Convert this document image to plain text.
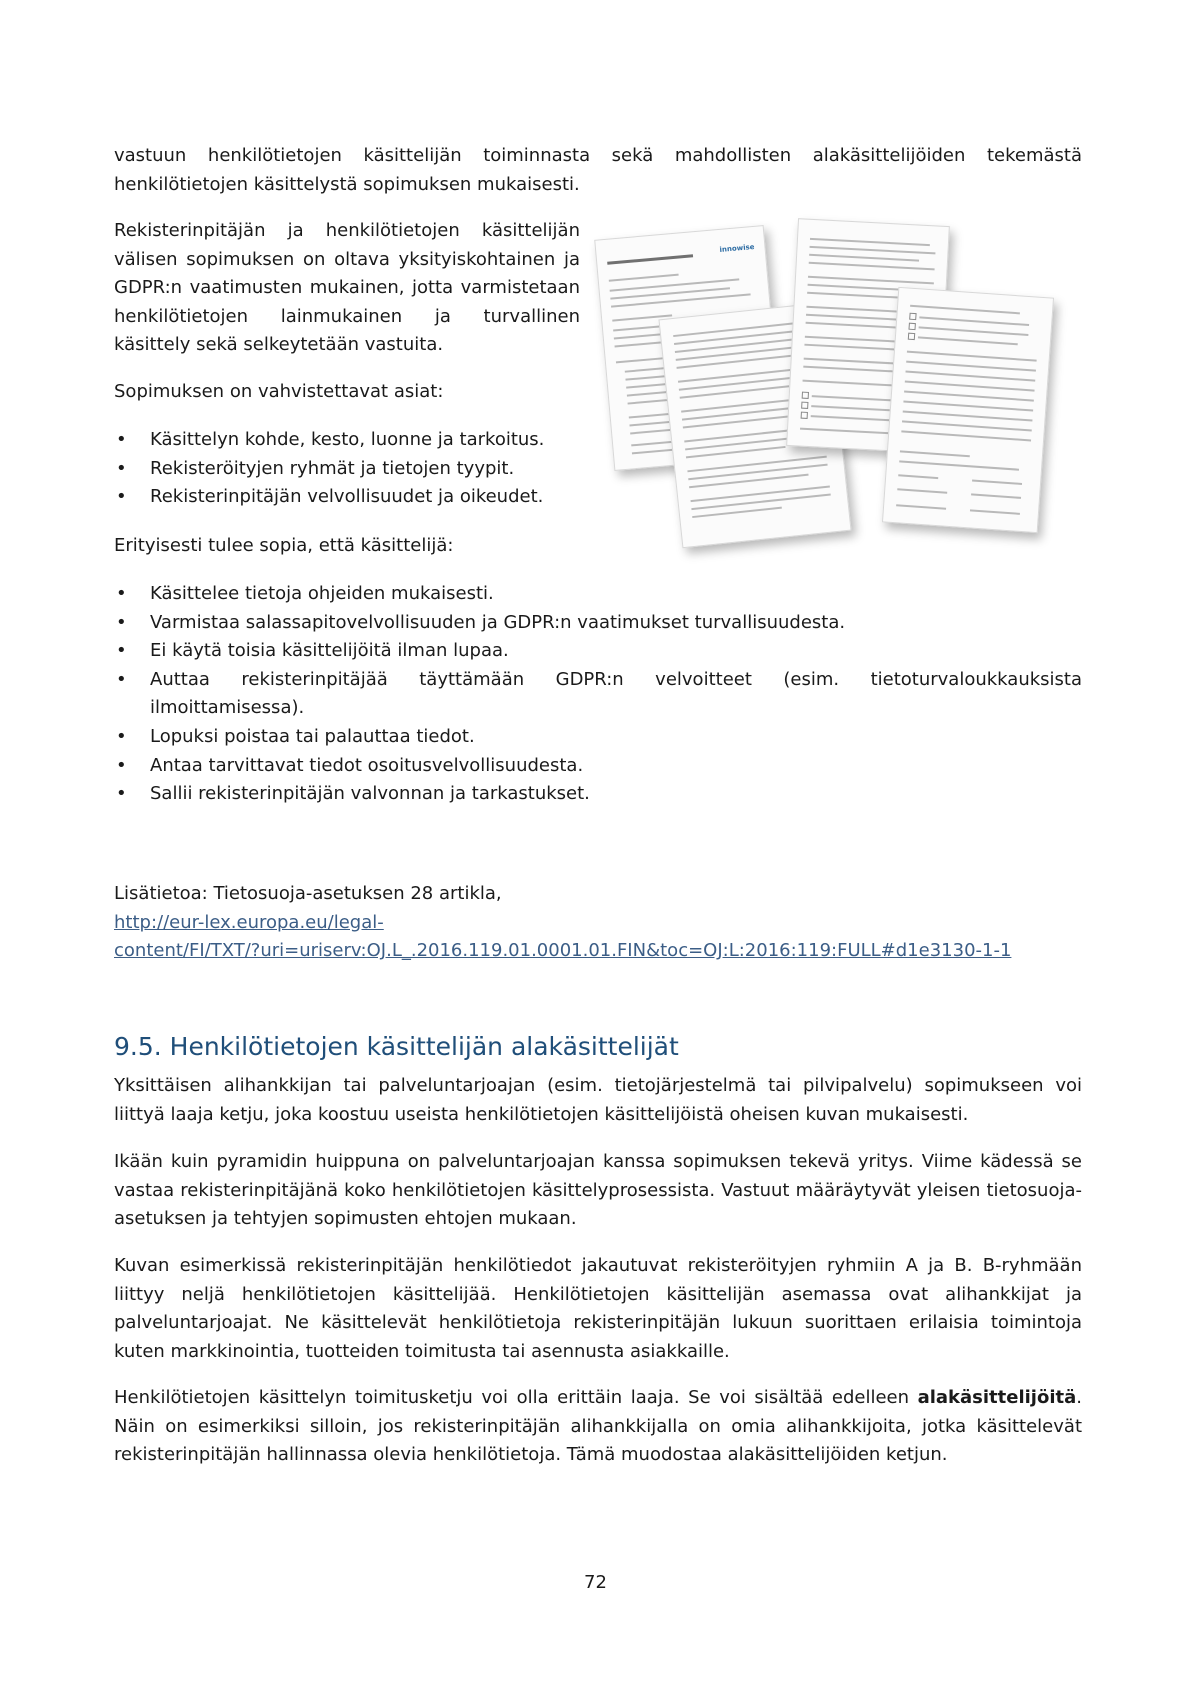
vastuun henkilötietojen käsittelijän toiminnasta sekä mahdollisten alakäsittelijöiden tekemästä henkilötietojen käsittelystä sopimuksen mukaisesti.

Rekisterinpitäjän ja henkilötietojen käsittelijän välisen sopimuksen on oltava yksityiskohtainen ja GDPR:n vaatimusten mukainen, jotta varmistetaan henkilötietojen lainmukainen ja turvallinen käsittely sekä selkeytetään vastuita.

Sopimuksen on vahvistettavat asiat:

• Käsittelyn kohde, kesto, luonne ja tarkoitus.
• Rekisteröityjen ryhmät ja tietojen tyypit.
• Rekisterinpitäjän velvollisuudet ja oikeudet.

Erityisesti tulee sopia, että käsittelijä:

innowise
• Käsittelee tietoja ohjeiden mukaisesti.
• Varmistaa salassapitovelvollisuuden ja GDPR:n vaatimukset turvallisuudesta.
• Ei käytä toisia käsittelijöitä ilman lupaa.
• Auttaa rekisterinpitäjää täyttämään GDPR:n velvoitteet (esim. tietoturvaloukkauksista ilmoittamisessa).
• Lopuksi poistaa tai palauttaa tiedot.
• Antaa tarvittavat tiedot osoitusvelvollisuudesta.
• Sallii rekisterinpitäjän valvonnan ja tarkastukset.
Lisätietoa: Tietosuoja-asetuksen 28 artikla,
http://eur-lex.europa.eu/legal-
content/FI/TXT/?uri=uriserv:OJ.L_.2016.119.01.0001.01.FIN&toc=OJ:L:2016:119:FULL#d1e3130-1-1
9.5. Henkilötietojen käsittelijän alakäsittelijät

Yksittäisen alihankkijan tai palveluntarjoajan (esim. tietojärjestelmä tai pilvipalvelu) sopimukseen voi liittyä laaja ketju, joka koostuu useista henkilötietojen käsittelijöistä oheisen kuvan mukaisesti.

Ikään kuin pyramidin huippuna on palveluntarjoajan kanssa sopimuksen tekevä yritys. Viime kädessä se vastaa rekisterinpitäjänä koko henkilötietojen käsittelyprosessista. Vastuut määräytyvät yleisen tietosuoja-asetuksen ja tehtyjen sopimusten ehtojen mukaan.

Kuvan esimerkissä rekisterinpitäjän henkilötiedot jakautuvat rekisteröityjen ryhmiin A ja B. B-ryhmään liittyy neljä henkilötietojen käsittelijää. Henkilötietojen käsittelijän asemassa ovat alihankkijat ja palveluntarjoajat. Ne käsittelevät henkilötietoja rekisterinpitäjän lukuun suorittaen erilaisia toimintoja kuten markkinointia, tuotteiden toimitusta tai asennusta asiakkaille.

Henkilötietojen käsittelyn toimitusketju voi olla erittäin laaja. Se voi sisältää edelleen alakäsittelijöitä. Näin on esimerkiksi silloin, jos rekisterinpitäjän alihankkijalla on omia alihankkijoita, jotka käsittelevät rekisterinpitäjän hallinnassa olevia henkilötietoja. Tämä muodostaa alakäsittelijöiden ketjun.

72
